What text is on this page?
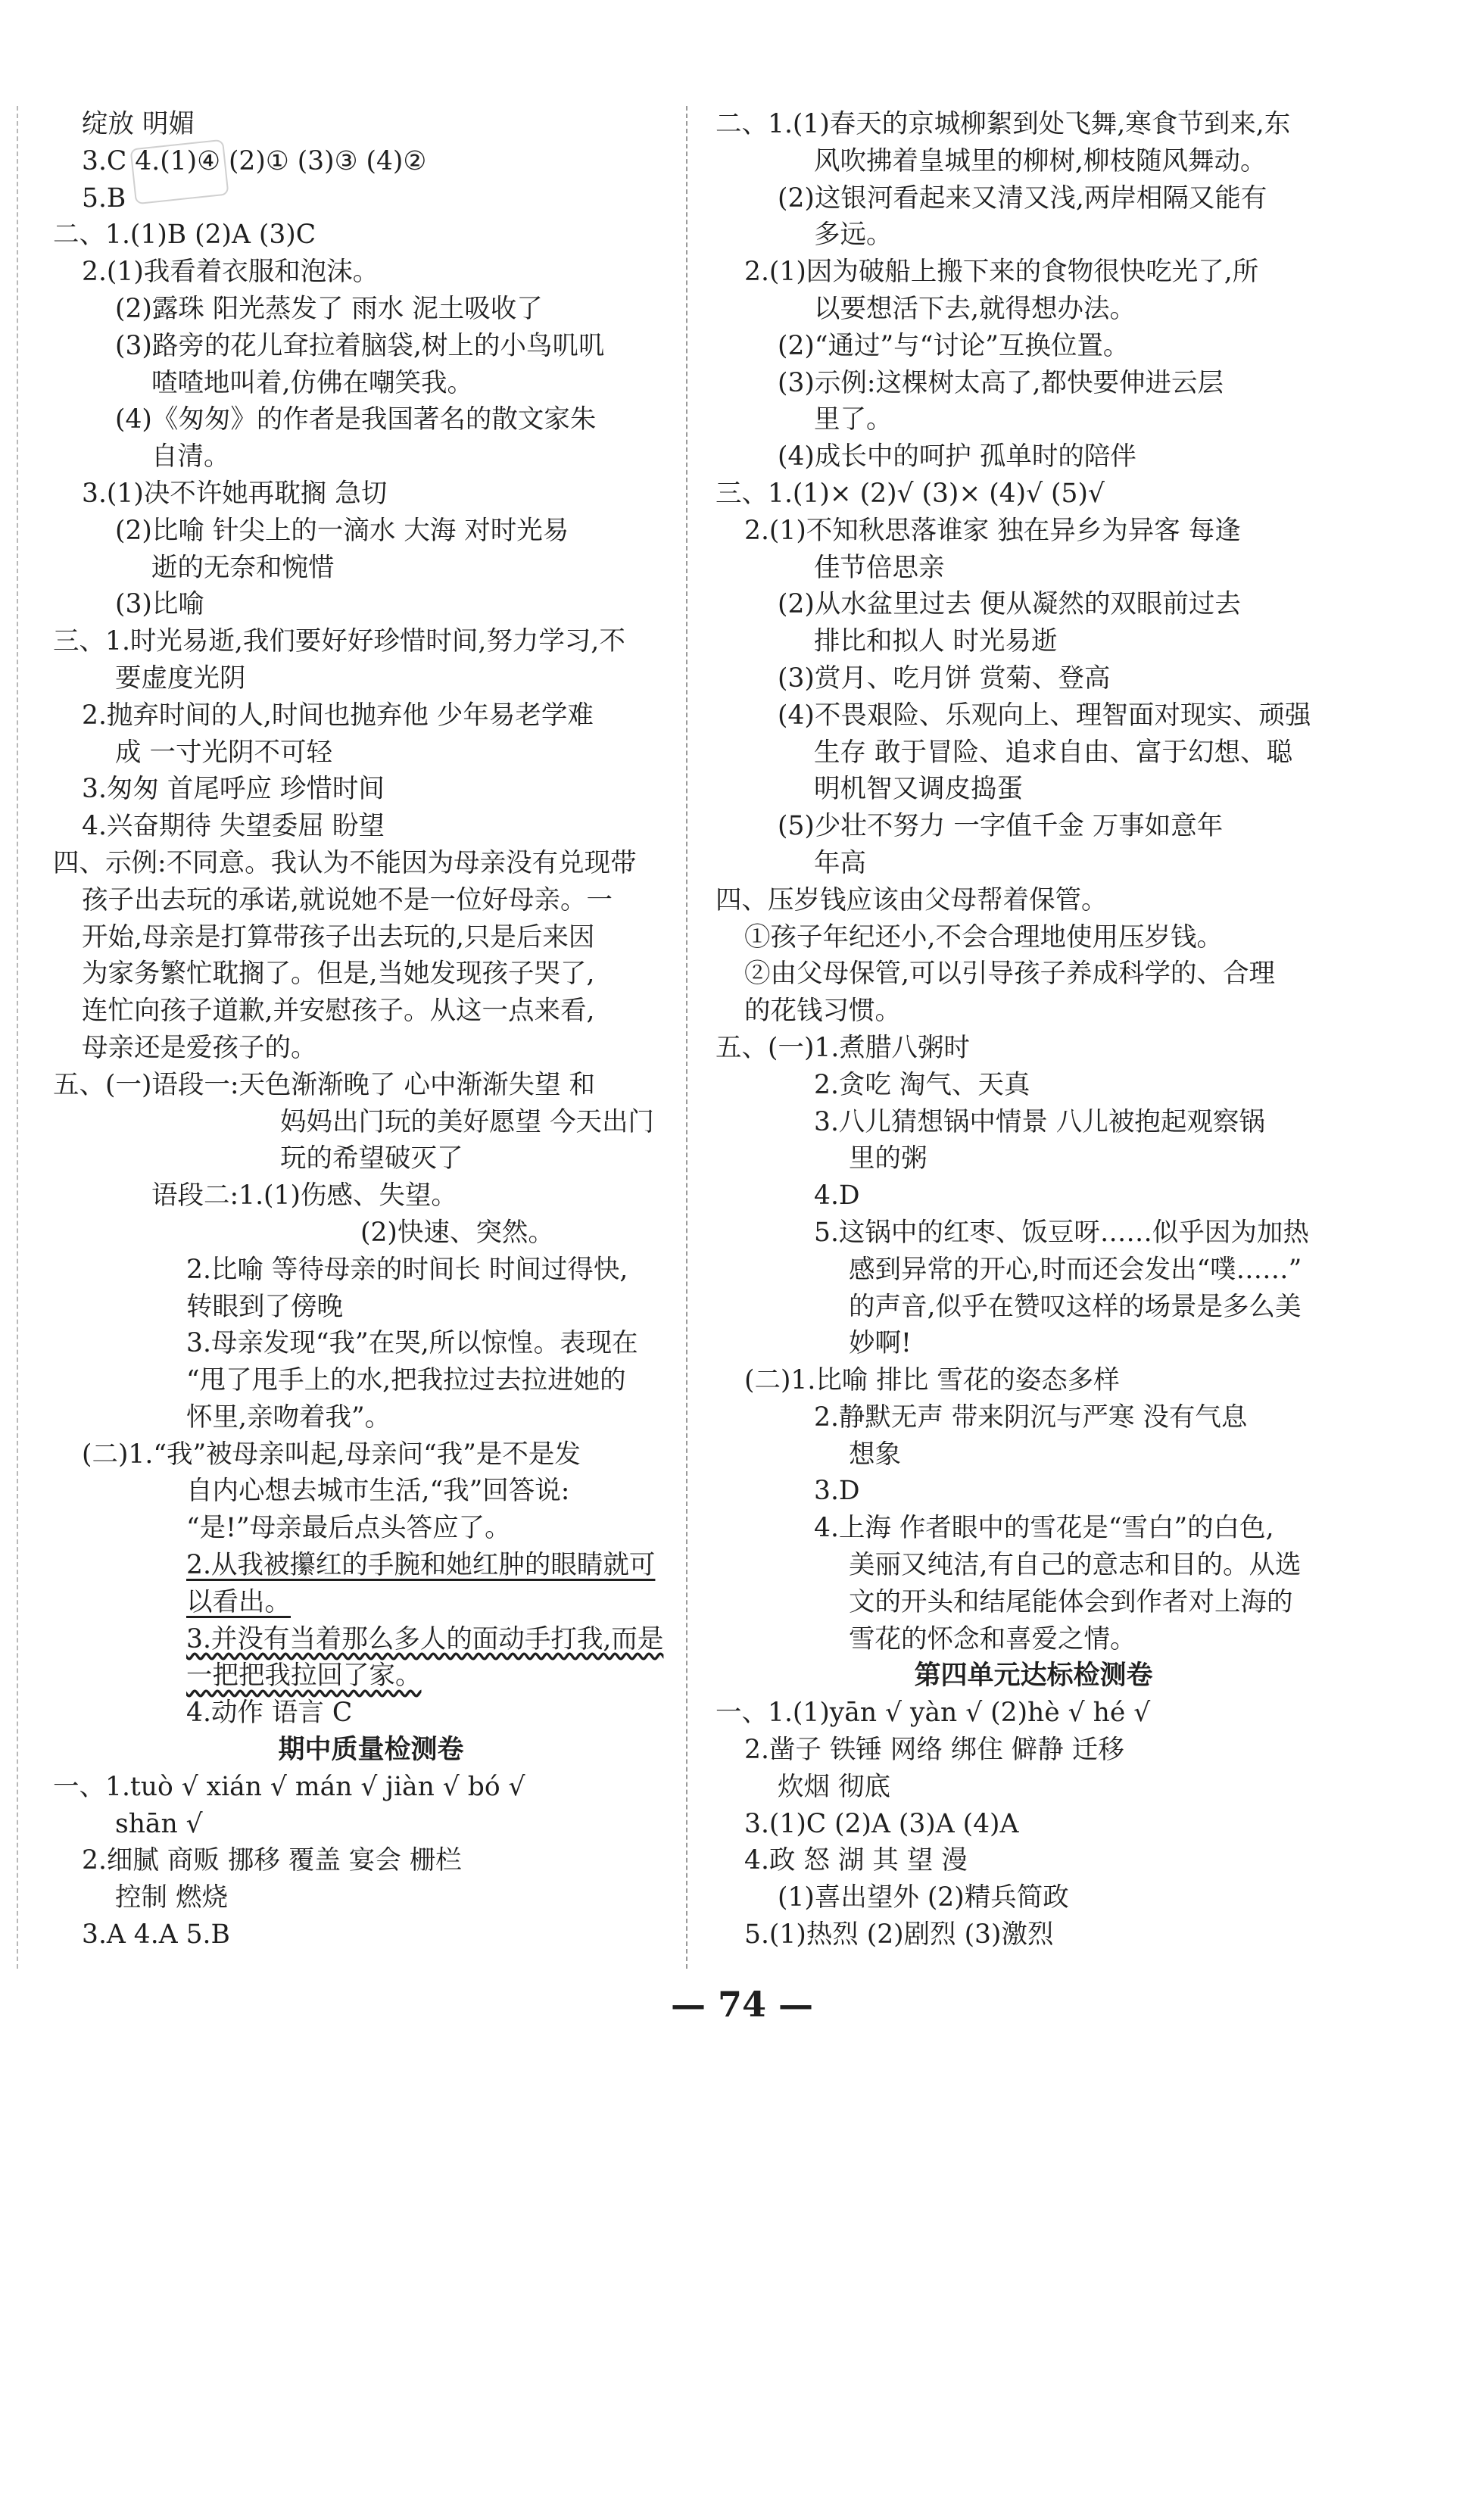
绽放 明媚
3.C 4.(1)④ (2)① (3)③ (4)②
5.B
二、1.(1)B (2)A (3)C
2.(1)我看着衣服和泡沫。
(2)露珠 阳光蒸发了 雨水 泥土吸收了
(3)路旁的花儿耷拉着脑袋,树上的小鸟叽叽
喳喳地叫着,仿佛在嘲笑我。
(4)《匆匆》的作者是我国著名的散文家朱
自清。
3.(1)决不许她再耽搁 急切
(2)比喻 针尖上的一滴水 大海 对时光易
逝的无奈和惋惜
(3)比喻
三、1.时光易逝,我们要好好珍惜时间,努力学习,不
要虚度光阴
2.抛弃时间的人,时间也抛弃他 少年易老学难
成 一寸光阴不可轻
3.匆匆 首尾呼应 珍惜时间
4.兴奋期待 失望委屈 盼望
四、示例:不同意。我认为不能因为母亲没有兑现带
孩子出去玩的承诺,就说她不是一位好母亲。一
开始,母亲是打算带孩子出去玩的,只是后来因
为家务繁忙耽搁了。但是,当她发现孩子哭了,
连忙向孩子道歉,并安慰孩子。从这一点来看,
母亲还是爱孩子的。
五、(一)语段一:天色渐渐晚了 心中渐渐失望 和
妈妈出门玩的美好愿望 今天出门
玩的希望破灭了
语段二:1.(1)伤感、失望。
(2)快速、突然。
2.比喻 等待母亲的时间长 时间过得快,
转眼到了傍晚
3.母亲发现“我”在哭,所以惊惶。表现在
“甩了甩手上的水,把我拉过去拉进她的
怀里,亲吻着我”。
(二)1.“我”被母亲叫起,母亲问“我”是不是发
自内心想去城市生活,“我”回答说:
“是!”母亲最后点头答应了。
2.从我被攥红的手腕和她红肿的眼睛就可
以看出。
3.并没有当着那么多人的面动手打我,而是
一把把我拉回了家。
4.动作 语言 C
期中质量检测卷
一、1.tuò √ xián √ mán √ jiàn √ bó √
shān √
2.细腻 商贩 挪移 覆盖 宴会 栅栏
控制 燃烧
3.A 4.A 5.B
二、1.(1)春天的京城柳絮到处飞舞,寒食节到来,东
风吹拂着皇城里的柳树,柳枝随风舞动。
(2)这银河看起来又清又浅,两岸相隔又能有
多远。
2.(1)因为破船上搬下来的食物很快吃光了,所
以要想活下去,就得想办法。
(2)“通过”与“讨论”互换位置。
(3)示例:这棵树太高了,都快要伸进云层
里了。
(4)成长中的呵护 孤单时的陪伴
三、1.(1)× (2)√ (3)× (4)√ (5)√
2.(1)不知秋思落谁家 独在异乡为异客 每逢
佳节倍思亲
(2)从水盆里过去 便从凝然的双眼前过去
排比和拟人 时光易逝
(3)赏月、吃月饼 赏菊、登高
(4)不畏艰险、乐观向上、理智面对现实、顽强
生存 敢于冒险、追求自由、富于幻想、聪
明机智又调皮捣蛋
(5)少壮不努力 一字值千金 万事如意年
年高
四、压岁钱应该由父母帮着保管。
①孩子年纪还小,不会合理地使用压岁钱。
②由父母保管,可以引导孩子养成科学的、合理
的花钱习惯。
五、(一)1.煮腊八粥时
2.贪吃 淘气、天真
3.八儿猜想锅中情景 八儿被抱起观察锅
里的粥
4.D
5.这锅中的红枣、饭豆呀……似乎因为加热
感到异常的开心,时而还会发出“噗……”
的声音,似乎在赞叹这样的场景是多么美
妙啊!
(二)1.比喻 排比 雪花的姿态多样
2.静默无声 带来阴沉与严寒 没有气息
想象
3.D
4.上海 作者眼中的雪花是“雪白”的白色,
美丽又纯洁,有自己的意志和目的。从选
文的开头和结尾能体会到作者对上海的
雪花的怀念和喜爱之情。
第四单元达标检测卷
一、1.(1)yān √ yàn √ (2)hè √ hé √
2.凿子 铁锤 网络 绑住 僻静 迁移
炊烟 彻底
3.(1)C (2)A (3)A (4)A
4.政 怒 湖 其 望 漫
(1)喜出望外 (2)精兵简政
5.(1)热烈 (2)剧烈 (3)激烈
— 74 —
